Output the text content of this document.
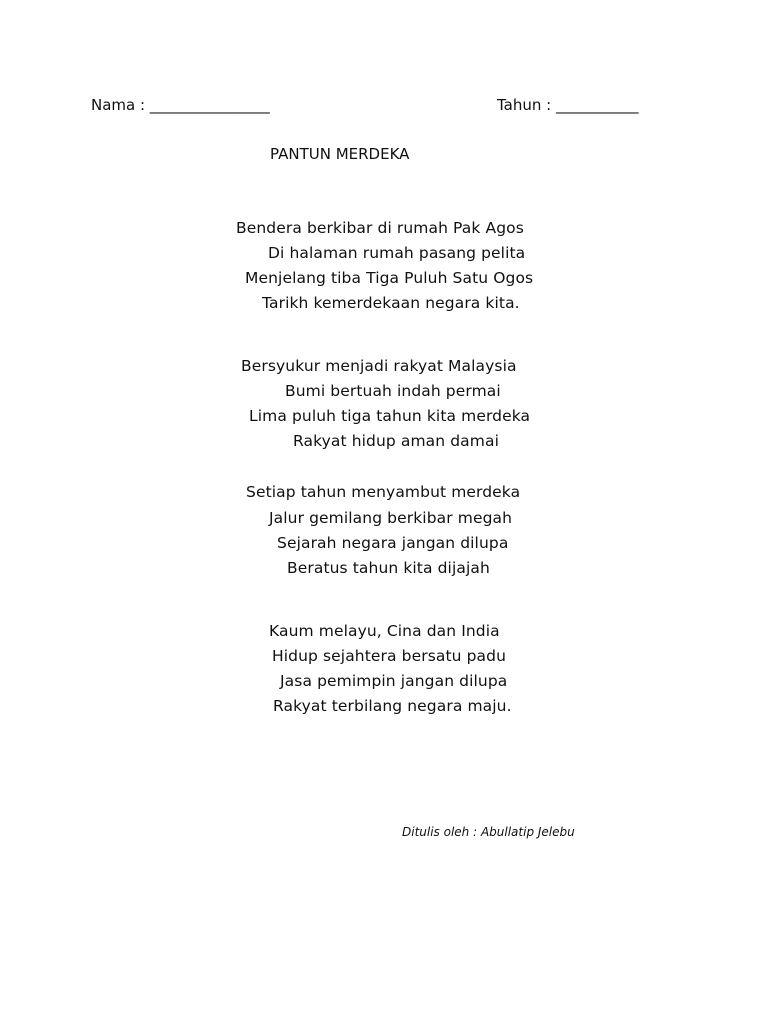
Nama : ________________	Tahun : ___________
PANTUN MERDEKA
Bendera berkibar di rumah Pak Agos
Di halaman rumah pasang pelita
Menjelang tiba Tiga Puluh Satu Ogos
Tarikh kemerdekaan negara kita.
Bersyukur menjadi rakyat Malaysia
Bumi bertuah indah permai
Lima puluh tiga tahun kita merdeka
Rakyat hidup aman damai
Setiap tahun menyambut merdeka
Jalur gemilang berkibar megah
Sejarah negara jangan dilupa
Beratus tahun kita dijajah
Kaum melayu, Cina dan India
Hidup sejahtera bersatu padu
Jasa pemimpin jangan dilupa
Rakyat terbilang negara maju.
Ditulis oleh : Abullatip Jelebu
